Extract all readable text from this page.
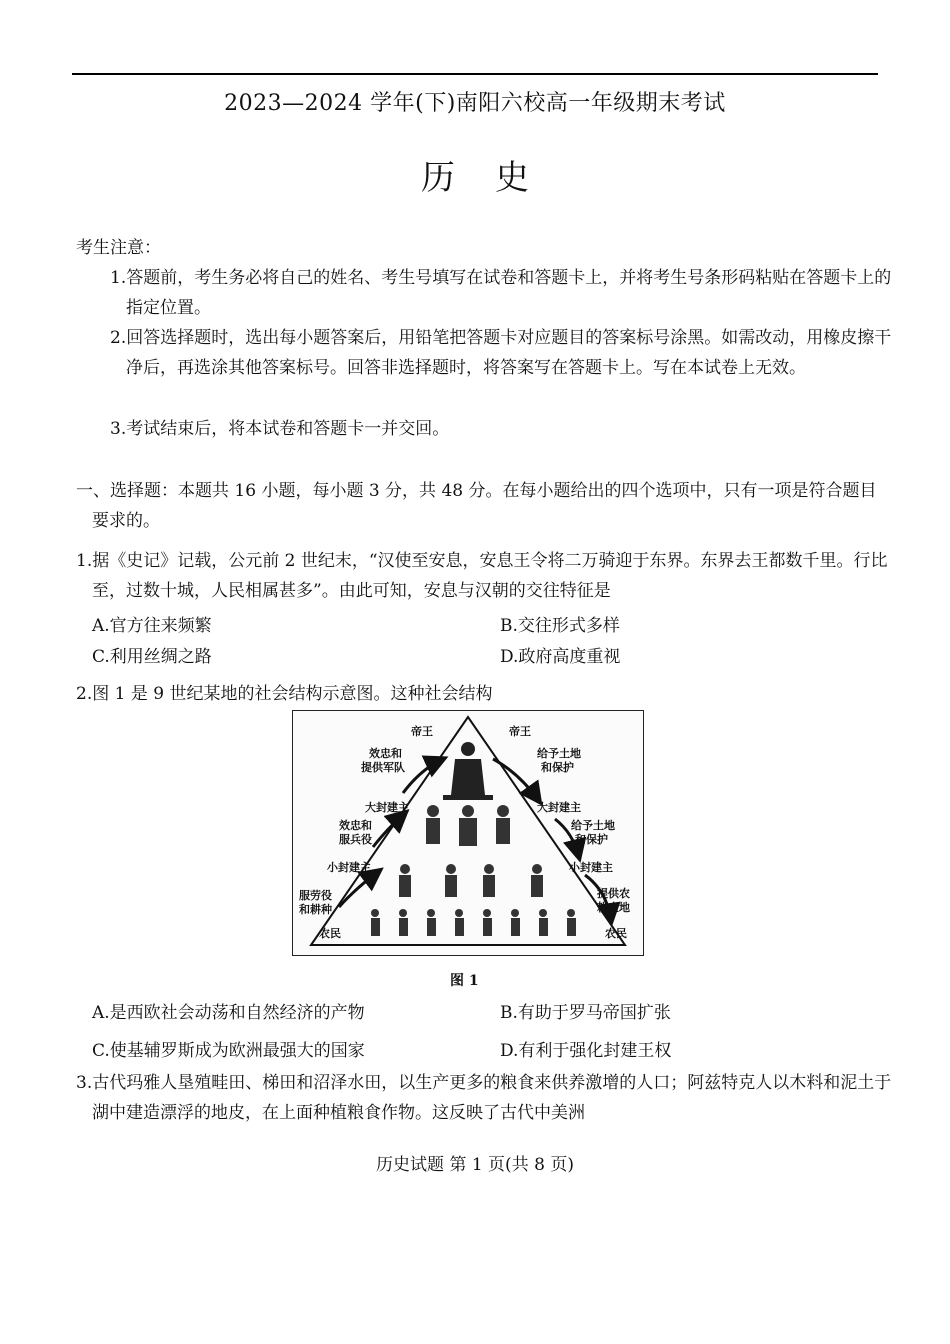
2023—2024 学年(下)南阳六校高一年级期末考试
历史
考生注意：
1.答题前，考生务必将自己的姓名、考生号填写在试卷和答题卡上，并将考生号条形码粘贴在答题卡上的指定位置。
2.回答选择题时，选出每小题答案后，用铅笔把答题卡对应题目的答案标号涂黑。如需改动，用橡皮擦干净后，再选涂其他答案标号。回答非选择题时，将答案写在答题卡上。写在本试卷上无效。
3.考试结束后，将本试卷和答题卡一并交回。
一、选择题：本题共 16 小题，每小题 3 分，共 48 分。在每小题给出的四个选项中，只有一项是符合题目要求的。
1.据《史记》记载，公元前 2 世纪末，“汉使至安息，安息王令将二万骑迎于东界。东界去王都数千里。行比至，过数十城，人民相属甚多”。由此可知，安息与汉朝的交往特征是
A.官方往来频繁	B.交往形式多样
C.利用丝绸之路	D.政府高度重视
2.图 1 是 9 世纪某地的社会结构示意图。这种社会结构
帝王	帝王
大封建主	大封建主
小封建主	小封建主
农民	农民
效忠和
提供军队
效忠和
服兵役
服劳役
和耕种
给予土地
和保护
给予土地
和保护
提供农
耕土地
图 1
A.是西欧社会动荡和自然经济的产物	B.有助于罗马帝国扩张
C.使基辅罗斯成为欧洲最强大的国家	D.有利于强化封建王权
3.古代玛雅人垦殖畦田、梯田和沼泽水田，以生产更多的粮食来供养激增的人口；阿兹特克人以木料和泥土于湖中建造漂浮的地皮，在上面种植粮食作物。这反映了古代中美洲
历史试题 第 1 页(共 8 页)
